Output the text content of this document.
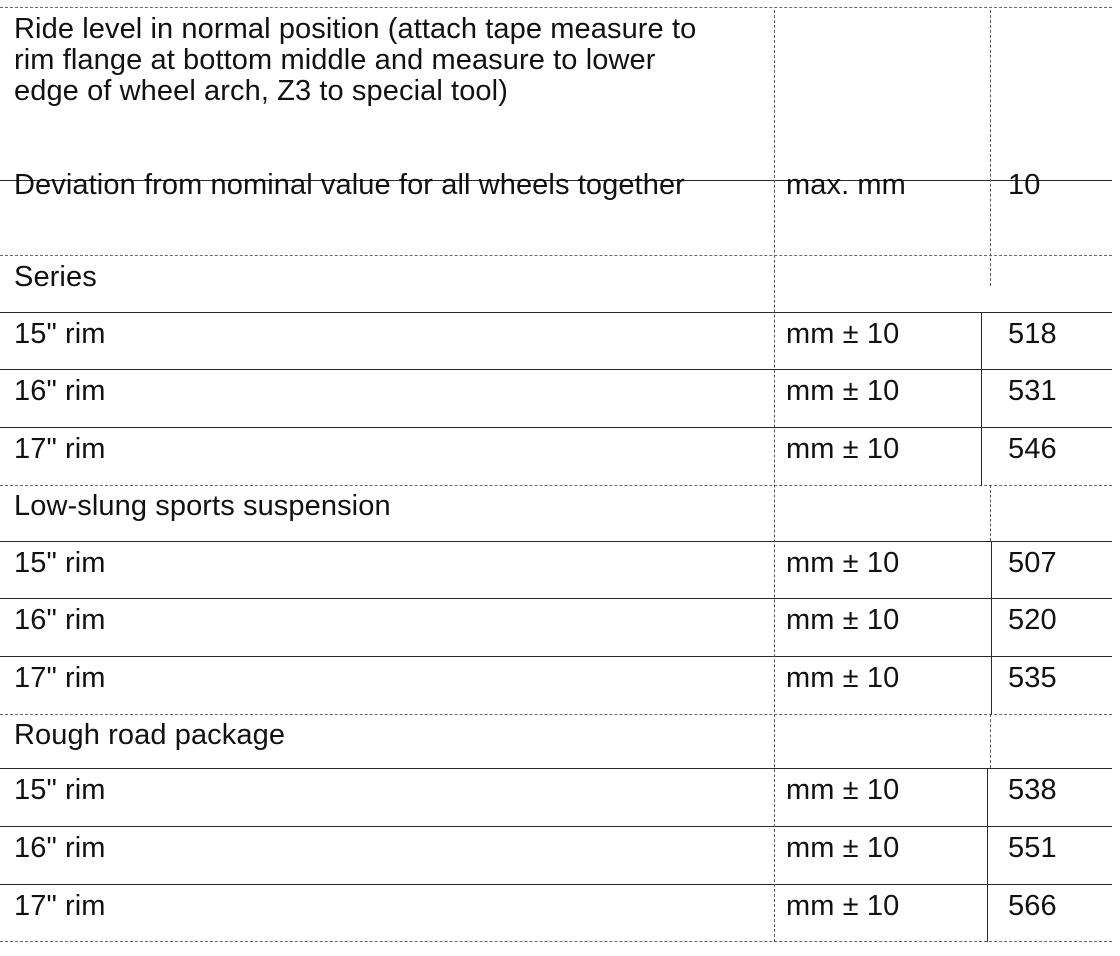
Ride level in normal position (attach tape measure to rim flange at bottom middle and measure to lower edge of wheel arch, Z3 to special tool)
Deviation from nominal value for all wheels together	max. mm	10
Series
15" rim	mm ± 10	518
16" rim	mm ± 10	531
17" rim	mm ± 10	546
Low-slung sports suspension
15" rim	mm ± 10	507
16" rim	mm ± 10	520
17" rim	mm ± 10	535
Rough road package
15" rim	mm ± 10	538
16" rim	mm ± 10	551
17" rim	mm ± 10	566
